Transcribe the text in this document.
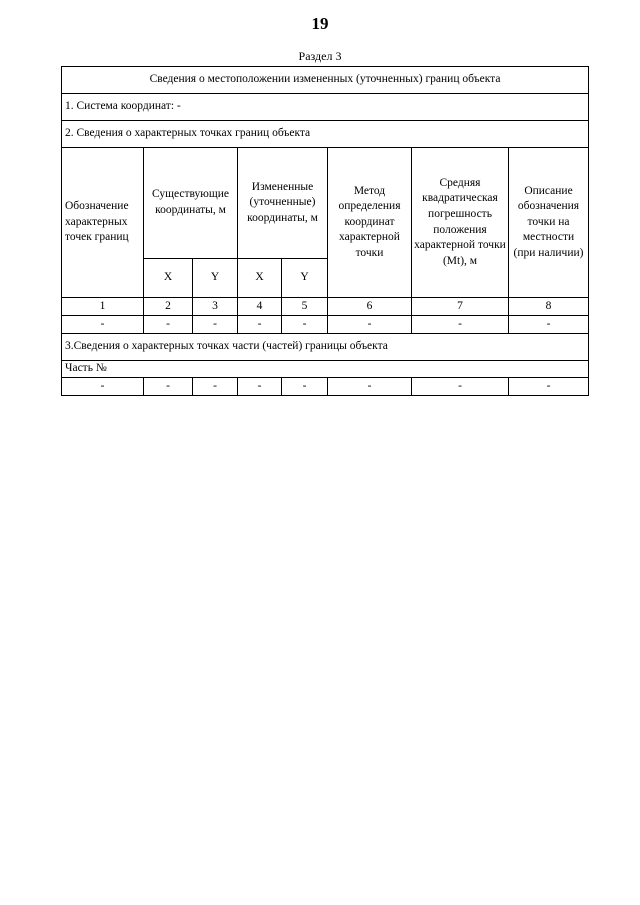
19
Раздел 3
Сведения о местоположении измененных (уточненных) границ объекта							
1. Система координат: -							
2. Сведения о характерных точках границ объекта							
Обозначение характерных точек границ	Существующие координаты, м		Измененные (уточненные) координаты, м		Метод определения координат характерной точки	Средняя квадратическая погрешность положения характерной точки (Mt), м	Описание обозначения точки на местности (при наличии)
	X	Y	X	Y			
1	2	3	4	5	6	7	8
-	-	-	-	-	-	-	-
3.Сведения о характерных точках части (частей) границы объекта							
Часть №							
-	-	-	-	-	-	-	-
